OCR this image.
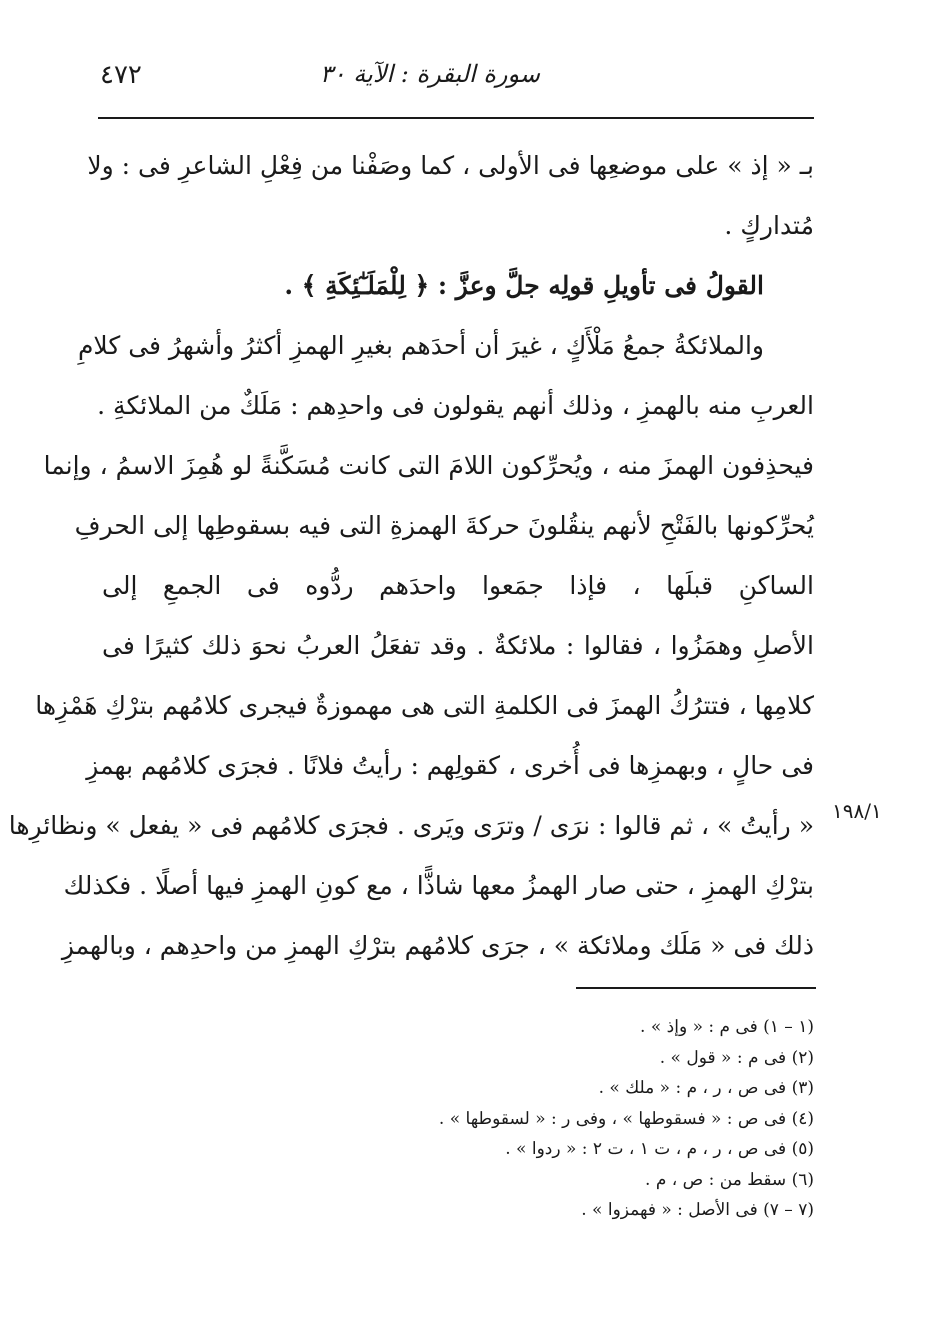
٤٧٢	سورة البقرة : الآية ٣٠
بـ « إذ » على موضعِها فى الأولى ، كما وصَفْنا من فِعْلِ الشاعرِ فى : ولا
مُتداركٍ .
القولُ فى تأويلِ قولِه جلَّ وعزَّ : ﴿ لِلْمَلَـٰٓئِكَةِ ﴾ .
والملائكةُ جمعُ مَلْأَكٍ ، غيرَ أن أحدَهم بغيرِ الهمزِ أكثرُ وأشهرُ فى كلامِ
العربِ منه بالهمزِ ، وذلك أنهم يقولون فى واحدِهم : مَلَكٌ من الملائكةِ .
فيحذِفون الهمزَ منه ، ويُحرِّكون اللامَ التى كانت مُسَكَّنةً لو هُمِزَ الاسمُ ، وإنما
يُحرِّكونها بالفَتْحِ لأنهم ينقُلونَ حركةَ الهمزةِ التى فيه بسقوطِها إلى الحرفِ
الساكنِ قبلَها ، فإذا جمَعوا واحدَهم ردُّوه فى الجمعِ إلى
الأصلِ وهمَزُوا ، فقالوا : ملائكةٌ . وقد تفعَلُ العربُ نحوَ ذلك كثيرًا فى
كلامِها ، فتترُكُ الهمزَ فى الكلمةِ التى هى مهموزةٌ فيجرى كلامُهم بترْكِ هَمْزِها
فى حالٍ ، وبهمزِها فى أُخرى ، كقولِهم : رأيتُ فلانًا . فجرَى كلامُهم بهمزِ
« رأيتُ » ، ثم قالوا : نرَى / وترَى ويَرى . فجرَى كلامُهم فى « يفعل » ونظائرِها
بترْكِ الهمزِ ، حتى صار الهمزُ معها شاذًّا ، مع كونِ الهمزِ فيها أصلًا . فكذلك
ذلك فى « مَلَك وملائكة » ، جرَى كلامُهم بترْكِ الهمزِ من واحدِهم ، وبالهمزِ
١٩٨/١
(١ – ١) فى م : « وإذ » .
(٢) فى م : « قول » .
(٣) فى ص ، ر ، م : « ملك » .
(٤) فى ص : « فسقوطها » ، وفى ر : « لسقوطها » .
(٥) فى ص ، ر ، م ، ت ١ ، ت ٢ : « ردوا » .
(٦) سقط من : ص ، م .
(٧ – ٧) فى الأصل : « فهمزوا » .
